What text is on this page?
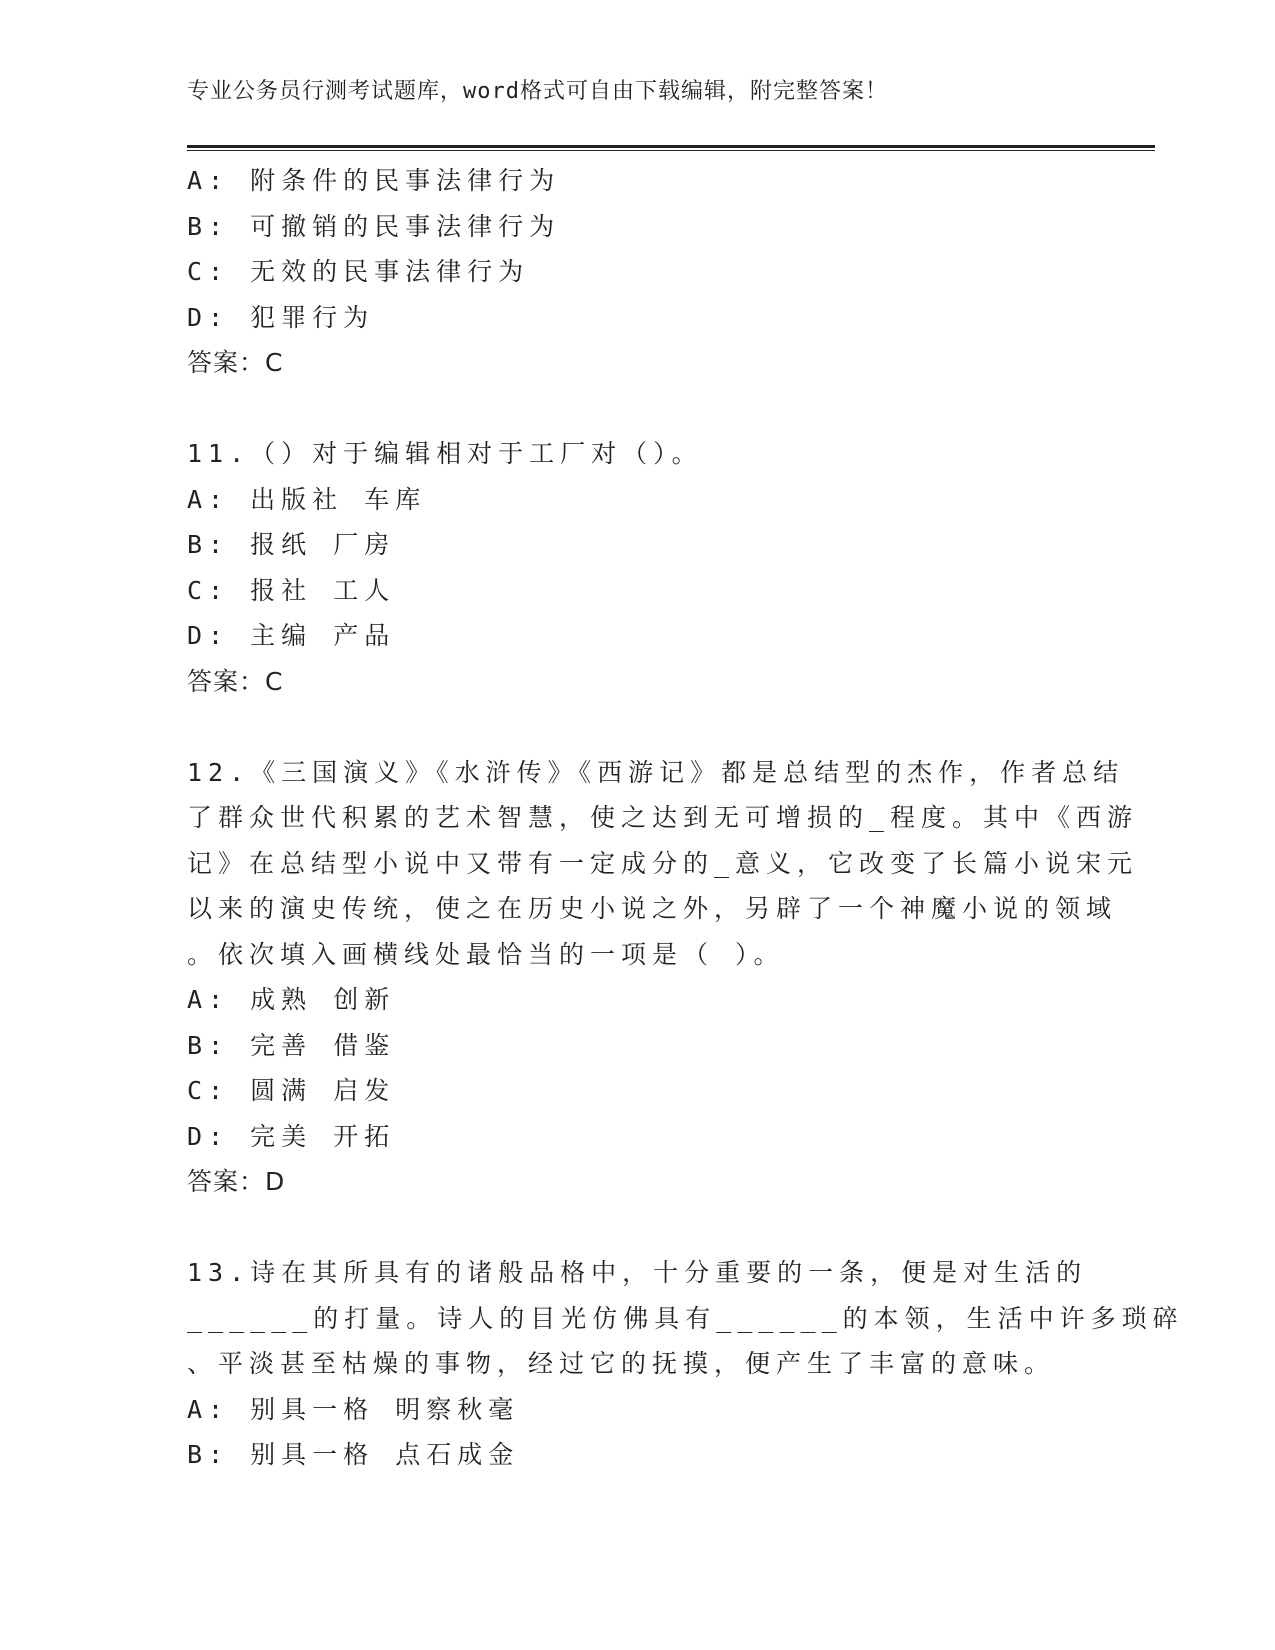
专业公务员行测考试题库，word格式可自由下载编辑，附完整答案！

A: 附条件的民事法律行为

B: 可撤销的民事法律行为

C: 无效的民事法律行为

D: 犯罪行为

答案：C

11.（）对于编辑相对于工厂对（）。

A: 出版社 车库

B: 报纸 厂房

C: 报社 工人

D: 主编 产品

答案：C

12.《三国演义》《水浒传》《西游记》都是总结型的杰作，作者总结

了群众世代积累的艺术智慧，使之达到无可增损的_程度。其中《西游

记》在总结型小说中又带有一定成分的_意义，它改变了长篇小说宋元

以来的演史传统，使之在历史小说之外，另辟了一个神魔小说的领域

。依次填入画横线处最恰当的一项是（ ）。

A: 成熟 创新

B: 完善 借鉴

C: 圆满 启发

D: 完美 开拓

答案：D

13.诗在其所具有的诸般品格中，十分重要的一条，便是对生活的

______的打量。诗人的目光仿佛具有______的本领，生活中许多琐碎

、平淡甚至枯燥的事物，经过它的抚摸，便产生了丰富的意味。

A: 别具一格 明察秋毫

B: 别具一格 点石成金
